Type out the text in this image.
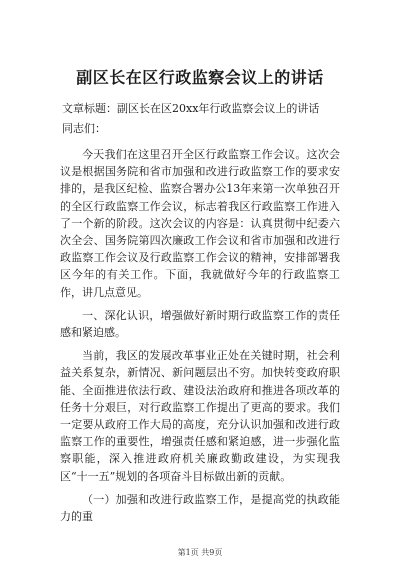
副区长在区行政监察会议上的讲话
文章标题：副区长在区20xx年行政监察会议上的讲话
同志们：

今天我们在这里召开全区行政监察工作会议。这次会议是根据国务院和省市加强和改进行政监察工作的要求安排的，是我区纪检、监察合署办公13年来第一次单独召开的全区行政监察工作会议，标志着我区行政监察工作进入了一个新的阶段。这次会议的内容是：认真贯彻中纪委六次全会、国务院第四次廉政工作会议和省市加强和改进行政监察工作会议及行政监察工作会议的精神，安排部署我区今年的有关工作。下面，我就做好今年的行政监察工作，讲几点意见。

一、深化认识，增强做好新时期行政监察工作的责任感和紧迫感。

当前，我区的发展改革事业正处在关键时期，社会利益关系复杂，新情况、新问题层出不穷。加快转变政府职能、全面推进依法行政、建设法治政府和推进各项改革的任务十分艰巨，对行政监察工作提出了更高的要求。我们一定要从政府工作大局的高度，充分认识加强和改进行政监察工作的重要性，增强责任感和紧迫感，进一步强化监察职能，深入推进政府机关廉政勤政建设，为实现我区“十一五”规划的各项奋斗目标做出新的贡献。

（一）加强和改进行政监察工作，是提高党的执政能力的重

第1页 共9页
